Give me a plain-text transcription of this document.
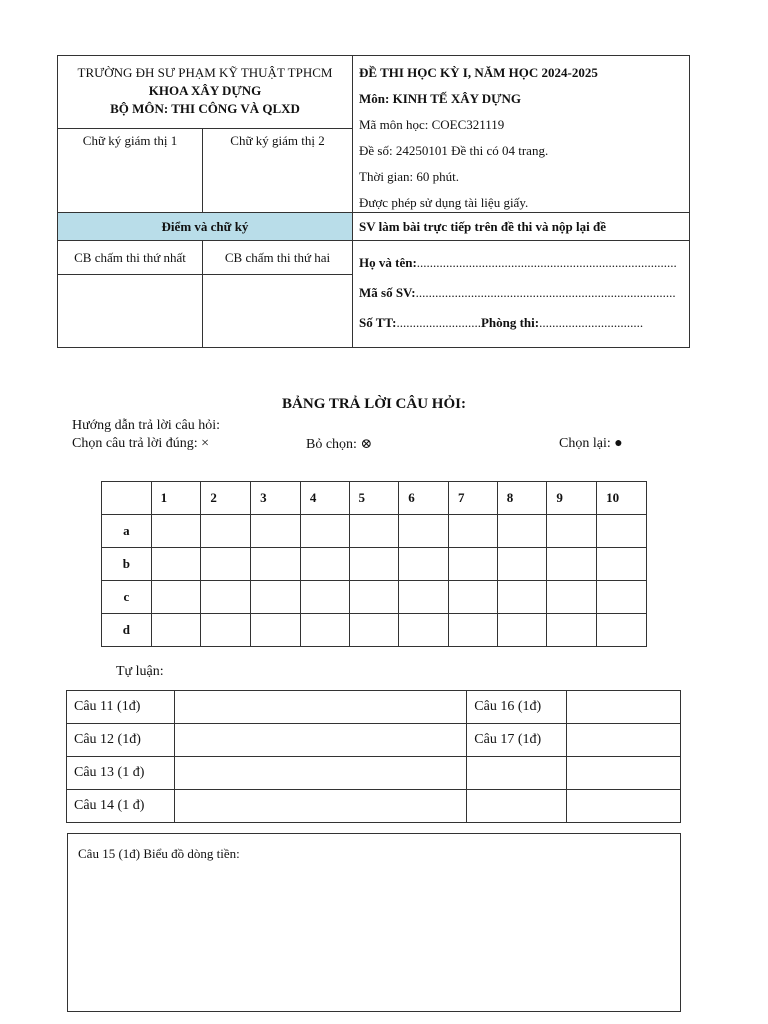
TRƯỜNG ĐH SƯ PHẠM KỸ THUẬT TPHCM
KHOA XÂY DỰNG
BỘ MÔN: THI CÔNG VÀ QLXD
Chữ ký giám thị 1	Chữ ký giám thị 2
Điểm và chữ ký
CB chấm thi thứ nhất	CB chấm thi thứ hai
ĐỀ THI HỌC KỲ I, NĂM HỌC 2024-2025
Môn: KINH TẾ XÂY DỰNG
Mã môn học: COEC321119
Đề số: 24250101 Đề thi có 04 trang.
Thời gian: 60 phút.
Được phép sử dụng tài liệu giấy.
SV làm bài trực tiếp trên đề thi và nộp lại đề
Họ và tên:................................................................................
Mã số SV:................................................................................
Số TT:..........................Phòng thi:................................
BẢNG TRẢ LỜI CÂU HỎI:
Hướng dẫn trả lời câu hỏi:
Chọn câu trả lời đúng: ×	Bỏ chọn: ⊗	Chọn lại: ●
	1	2	3	4	5	6	7	8	9	10
a										
b										
c										
d										
Tự luận:
Câu 11 (1đ)		Câu 16 (1đ)	
Câu 12 (1đ)		Câu 17 (1đ)	
Câu 13 (1 đ)			
Câu 14 (1 đ)			
Câu 15 (1đ) Biểu đồ dòng tiền:
